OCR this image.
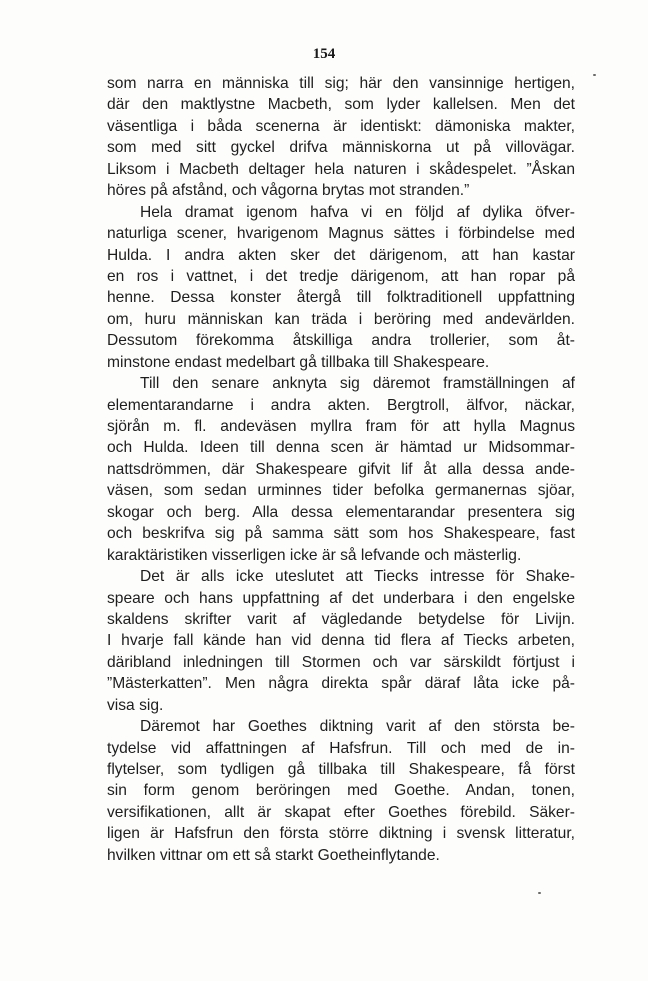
154
som narra en människa till sig; här den vansinnige hertigen,
där den maktlystne Macbeth, som lyder kallelsen. Men det
väsentliga i båda scenerna är identiskt: dämoniska makter,
som med sitt gyckel drifva människorna ut på villovägar.
Liksom i Macbeth deltager hela naturen i skådespelet. ”Åskan
höres på afstånd, och vågorna brytas mot stranden.”
Hela dramat igenom hafva vi en följd af dylika öfver-
naturliga scener, hvarigenom Magnus sättes i förbindelse med
Hulda. I andra akten sker det därigenom, att han kastar
en ros i vattnet, i det tredje därigenom, att han ropar på
henne. Dessa konster återgå till folktraditionell uppfattning
om, huru människan kan träda i beröring med andevärlden.
Dessutom förekomma åtskilliga andra trollerier, som åt-
minstone endast medelbart gå tillbaka till Shakespeare.
Till den senare anknyta sig däremot framställningen af
elementarandarne i andra akten. Bergtroll, älfvor, näckar,
sjörån m. fl. andeväsen myllra fram för att hylla Magnus
och Hulda. Ideen till denna scen är hämtad ur Midsommar-
nattsdrömmen, där Shakespeare gifvit lif åt alla dessa ande-
väsen, som sedan urminnes tider befolka germanernas sjöar,
skogar och berg. Alla dessa elementarandar presentera sig
och beskrifva sig på samma sätt som hos Shakespeare, fast
karaktäristiken visserligen icke är så lefvande och mästerlig.
Det är alls icke uteslutet att Tiecks intresse för Shake-
speare och hans uppfattning af det underbara i den engelske
skaldens skrifter varit af vägledande betydelse för Livijn.
I hvarje fall kände han vid denna tid flera af Tiecks arbeten,
däribland inledningen till Stormen och var särskildt förtjust i
”Mästerkatten”. Men några direkta spår däraf låta icke på-
visa sig.
Däremot har Goethes diktning varit af den största be-
tydelse vid affattningen af Hafsfrun. Till och med de in-
flytelser, som tydligen gå tillbaka till Shakespeare, få först
sin form genom beröringen med Goethe. Andan, tonen,
versifikationen, allt är skapat efter Goethes förebild. Säker-
ligen är Hafsfrun den första större diktning i svensk litteratur,
hvilken vittnar om ett så starkt Goetheinflytande.
